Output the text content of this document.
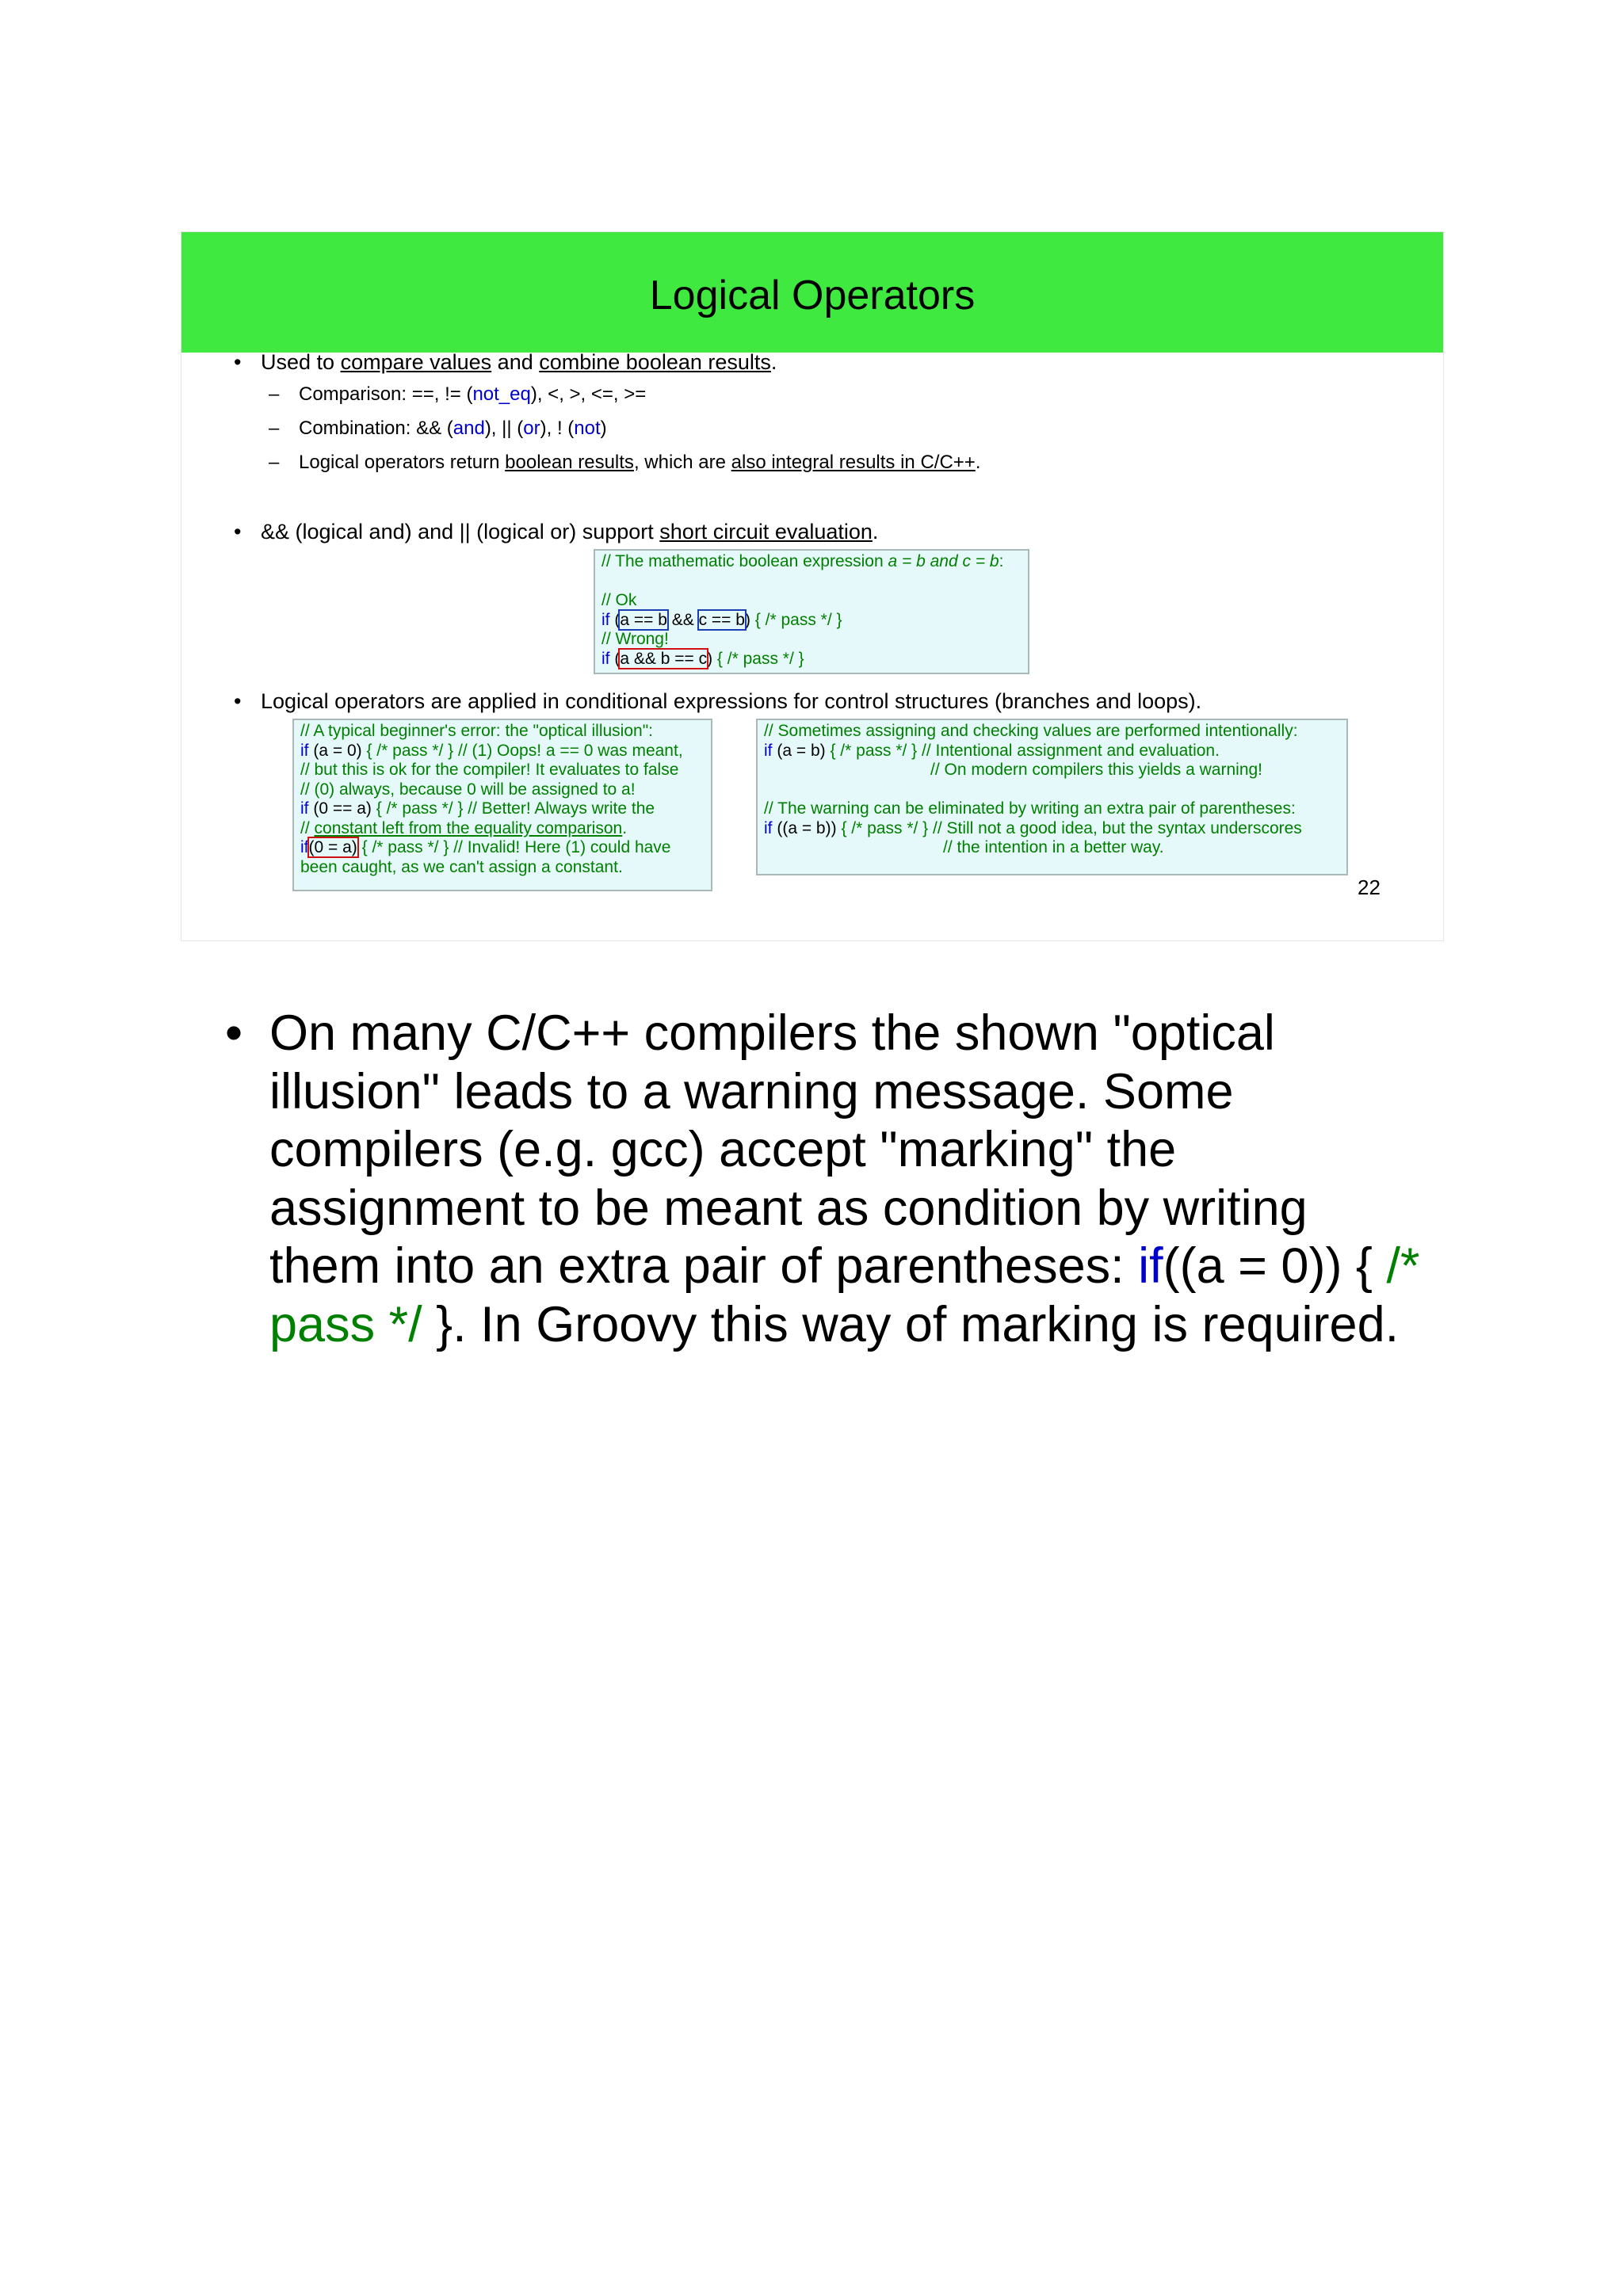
Logical Operators
• Used to compare values and combine boolean results.
– Comparison: ==, != (not_eq), <, >, <=, >=
– Combination: && (and), || (or), ! (not)
– Logical operators return boolean results, which are also integral results in C/C++.
• && (logical and) and || (logical or) support short circuit evaluation.
// The mathematic boolean expression a = b and c = b:
// Ok
if (a == b && c == b) { /* pass */ }
// Wrong!
if (a && b == c) { /* pass */ }
• Logical operators are applied in conditional expressions for control structures (branches and loops).
// A typical beginner's error: the "optical illusion":
if (a = 0) { /* pass */ } // (1) Oops! a == 0 was meant,
// but this is ok for the compiler! It evaluates to false
// (0) always, because 0 will be assigned to a!
if (0 == a) { /* pass */ } // Better! Always write the
// constant left from the equality comparison.
if(0 = a) { /* pass */ } // Invalid! Here (1) could have
been caught, as we can't assign a constant.
// Sometimes assigning and checking values are performed intentionally:
if (a = b) { /* pass */ } // Intentional assignment and evaluation.
// On modern compilers this yields a warning!
// The warning can be eliminated by writing an extra pair of parentheses:
if ((a = b)) { /* pass */ } // Still not a good idea, but the syntax underscores
// the intention in a better way.
22
• On many C/C++ compilers the shown "optical illusion" leads to a warning message. Some compilers (e.g. gcc) accept "marking" the assignment to be meant as condition by writing them into an extra pair of parentheses: if((a = 0)) { /* pass */ }. In Groovy this way of marking is required.
